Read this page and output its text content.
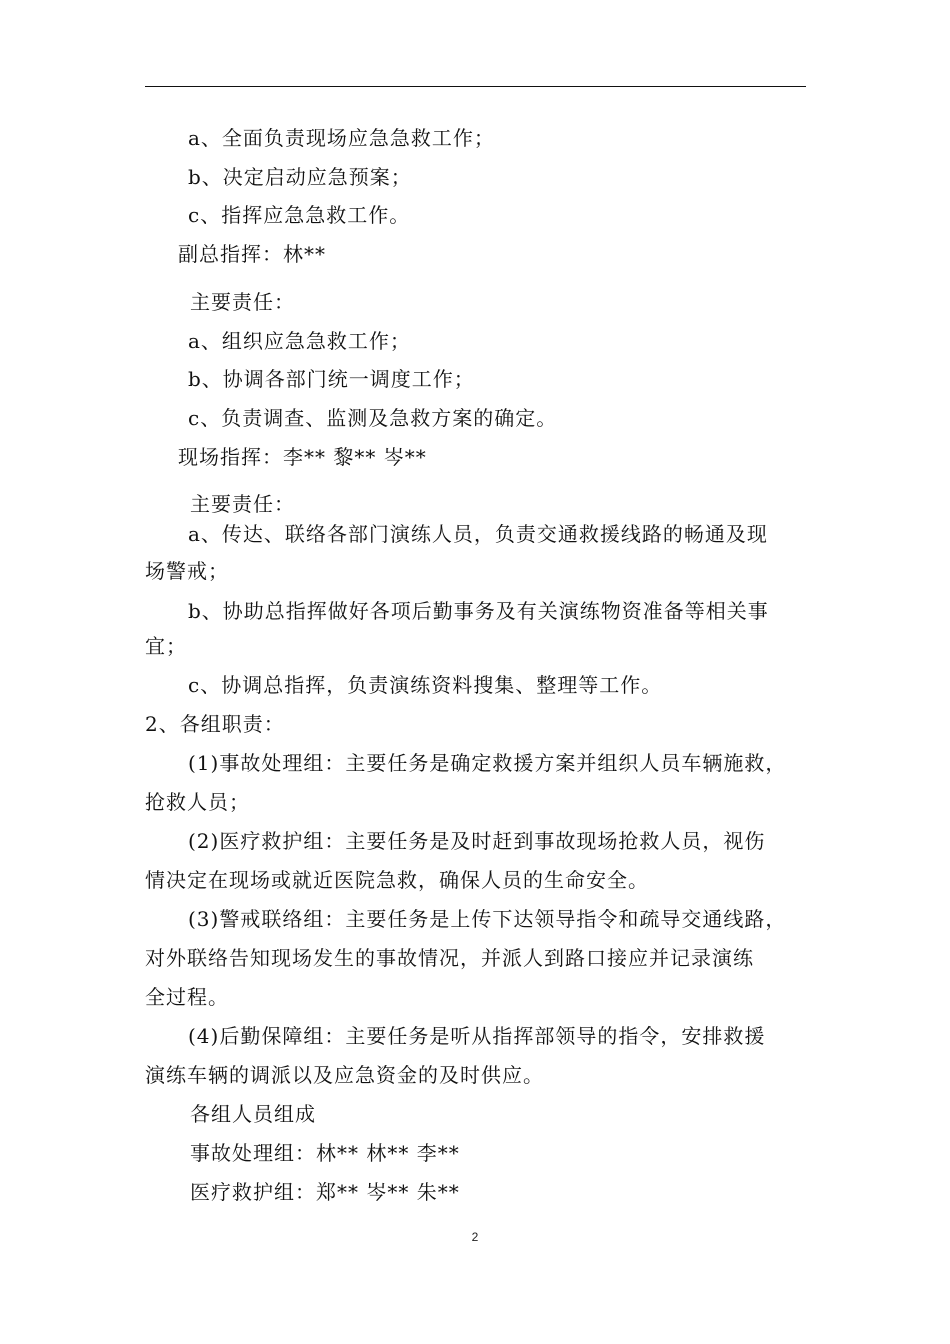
a、全面负责现场应急急救工作；
b、决定启动应急预案；
c、指挥应急急救工作。
副总指挥：林**
主要责任：
a、组织应急急救工作；
b、协调各部门统一调度工作；
c、负责调查、监测及急救方案的确定。
现场指挥：李** 黎** 岑**
主要责任：
a、传达、联络各部门演练人员，负责交通救援线路的畅通及现
场警戒；
b、协助总指挥做好各项后勤事务及有关演练物资准备等相关事
宜；
c、协调总指挥，负责演练资料搜集、整理等工作。
2、各组职责：
(1)事故处理组：主要任务是确定救援方案并组织人员车辆施救，
抢救人员；
(2)医疗救护组：主要任务是及时赶到事故现场抢救人员，视伤
情决定在现场或就近医院急救，确保人员的生命安全。
(3)警戒联络组：主要任务是上传下达领导指令和疏导交通线路，
对外联络告知现场发生的事故情况，并派人到路口接应并记录演练
全过程。
(4)后勤保障组：主要任务是听从指挥部领导的指令，安排救援
演练车辆的调派以及应急资金的及时供应。
各组人员组成
事故处理组：林** 林** 李**
医疗救护组：郑** 岑** 朱**
2
